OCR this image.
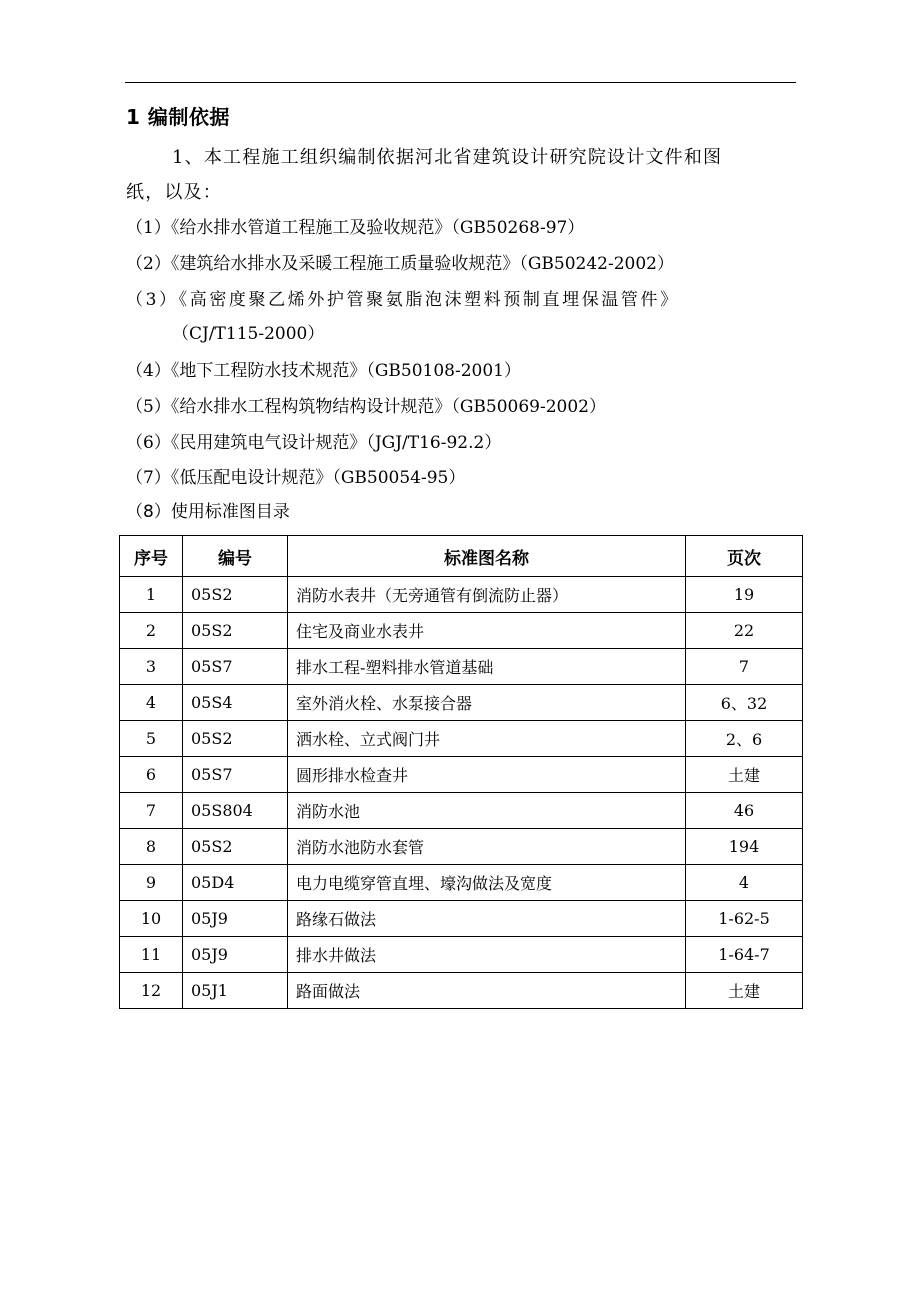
1 编制依据
1、本工程施工组织编制依据河北省建筑设计研究院设计文件和图
纸，以及：
（1）《给水排水管道工程施工及验收规范》（GB50268-97）
（2）《建筑给水排水及采暖工程施工质量验收规范》（GB50242-2002）
（3）《高密度聚乙烯外护管聚氨脂泡沫塑料预制直埋保温管件》
（CJ/T115-2000）
（4）《地下工程防水技术规范》（GB50108-2001）
（5）《给水排水工程构筑物结构设计规范》（GB50069-2002）
（6）《民用建筑电气设计规范》（JGJ/T16-92.2）
（7）《低压配电设计规范》（GB50054-95）
（8）使用标准图目录
序号	编号	标准图名称	页次
1	05S2	消防水表井（无旁通管有倒流防止器）	19
2	05S2	住宅及商业水表井	22
3	05S7	排水工程-塑料排水管道基础	7
4	05S4	室外消火栓、水泵接合器	6、32
5	05S2	洒水栓、立式阀门井	2、6
6	05S7	圆形排水检查井	土建
7	05S804	消防水池	46
8	05S2	消防水池防水套管	194
9	05D4	电力电缆穿管直埋、壕沟做法及宽度	4
10	05J9	路缘石做法	1-62-5
11	05J9	排水井做法	1-64-7
12	05J1	路面做法	土建
